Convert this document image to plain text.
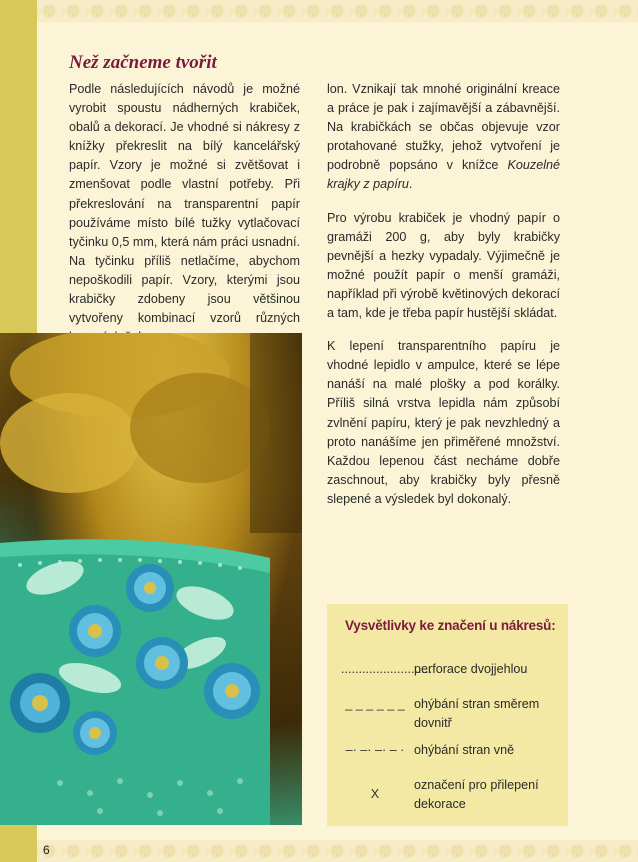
Než začneme tvořit

Podle následujících návodů je možné vyrobit spoustu nádherných krabiček, obalů a dekorací. Je vhodné si nákresy z knížky překreslit na bílý kancelářský papír. Vzory je možné si zvětšovat i zmenšovat podle vlastní potřeby. Při překreslování na transparentní papír používáme místo bílé tužky vytlačovací tyčinku 0,5 mm, která nám práci usnadní. Na tyčinku příliš netlačíme, abychom nepoškodili papír. Vzory, kterými jsou krabičky zdobeny jsou většinou vytvořeny kombinací vzorů různých

lon. Vznikají tak mnohé originální kreace a práce je pak i zajímavější a zábavnější. Na krabičkách se občas objevuje vzor protahované stužky, jehož vytvoření je podrobně popsáno v knížce Kouzelné krajky z papíru.

Pro výrobu krabiček je vhodný papír o gramáži 200 g, aby byly krabičky pevnější a hezky vypadaly. Výjimečně je možné použít papír o menší gramáži, například při výrobě květinových dekorací a tam, kde je třeba papír hustější skládat.

K lepení transparentního papíru je vhodné lepidlo v ampulce, které se lépe nanáší na malé plošky a pod korálky. Příliš silná vrstva lepidla nám způsobí zvlnění papíru, který je pak nevzhledný a proto nanášíme jen přiměřené množství. Každou lepenou část necháme dobře zaschnout, aby krabičky byly přesně slepené a výsledek byl dokonalý.

Vysvětlivky ke značení u nákresů:
..........................
perforace dvojjehlou
_ _ _ _ _ _ ohýbání stran směrem dovnitř
–· –· –· – · ohýbání stran vně
X
označení pro přilepení dekorace
6
